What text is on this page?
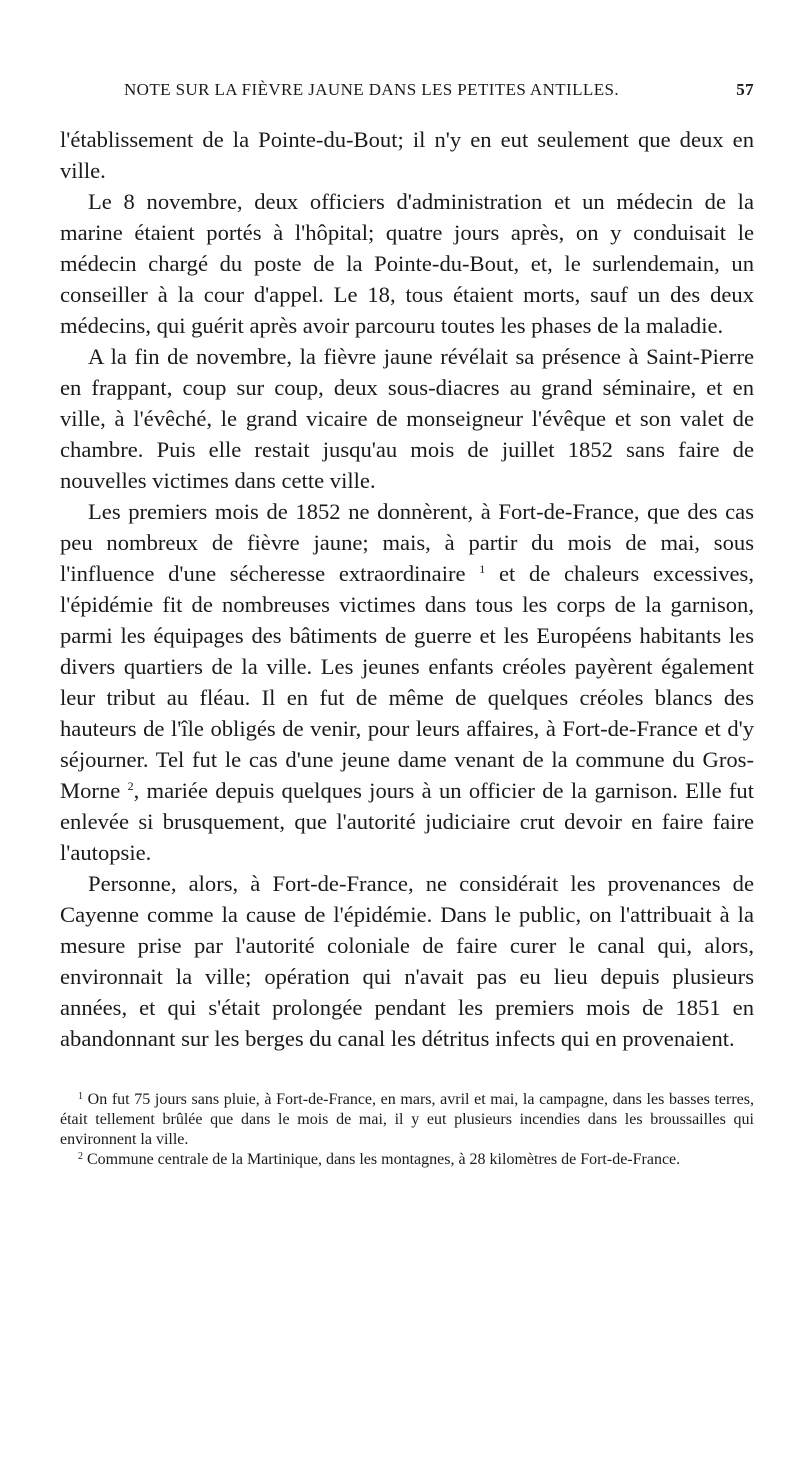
NOTE SUR LA FIÈVRE JAUNE DANS LES PETITES ANTILLES.	57

l'établissement de la Pointe-du-Bout; il n'y en eut seulement que deux en ville.

Le 8 novembre, deux officiers d'administration et un médecin de la marine étaient portés à l'hôpital; quatre jours après, on y conduisait le médecin chargé du poste de la Pointe-du-Bout, et, le surlendemain, un conseiller à la cour d'appel. Le 18, tous étaient morts, sauf un des deux médecins, qui guérit après avoir parcouru toutes les phases de la maladie.

A la fin de novembre, la fièvre jaune révélait sa présence à Saint-Pierre en frappant, coup sur coup, deux sous-diacres au grand séminaire, et en ville, à l'évêché, le grand vicaire de monseigneur l'évêque et son valet de chambre. Puis elle restait jusqu'au mois de juillet 1852 sans faire de nouvelles victimes dans cette ville.

Les premiers mois de 1852 ne donnèrent, à Fort-de-France, que des cas peu nombreux de fièvre jaune; mais, à partir du mois de mai, sous l'influence d'une sécheresse extraordinaire $^1$ et de chaleurs excessives, l'épidémie fit de nombreuses victimes dans tous les corps de la garnison, parmi les équipages des bâtiments de guerre et les Européens habitants les divers quartiers de la ville. Les jeunes enfants créoles payèrent également leur tribut au fléau. Il en fut de même de quelques créoles blancs des hauteurs de l'île obligés de venir, pour leurs affaires, à Fort-de-France et d'y séjourner. Tel fut le cas d'une jeune dame venant de la commune du Gros-Morne $^2$, mariée depuis quelques jours à un officier de la garnison. Elle fut enlevée si brusquement, que l'autorité judiciaire crut devoir en faire faire l'autopsie.

Personne, alors, à Fort-de-France, ne considérait les provenances de Cayenne comme la cause de l'épidémie. Dans le public, on l'attribuait à la mesure prise par l'autorité coloniale de faire curer le canal qui, alors, environnait la ville; opération qui n'avait pas eu lieu depuis plusieurs années, et qui s'était prolongée pendant les premiers mois de 1851 en abandonnant sur les berges du canal les détritus infects qui en provenaient.

$^1$ On fut 75 jours sans pluie, à Fort-de-France, en mars, avril et mai, la campagne, dans les basses terres, était tellement brûlée que dans le mois de mai, il y eut plusieurs incendies dans les broussailles qui environnent la ville.

$^2$ Commune centrale de la Martinique, dans les montagnes, à 28 kilomètres de Fort-de-France.
